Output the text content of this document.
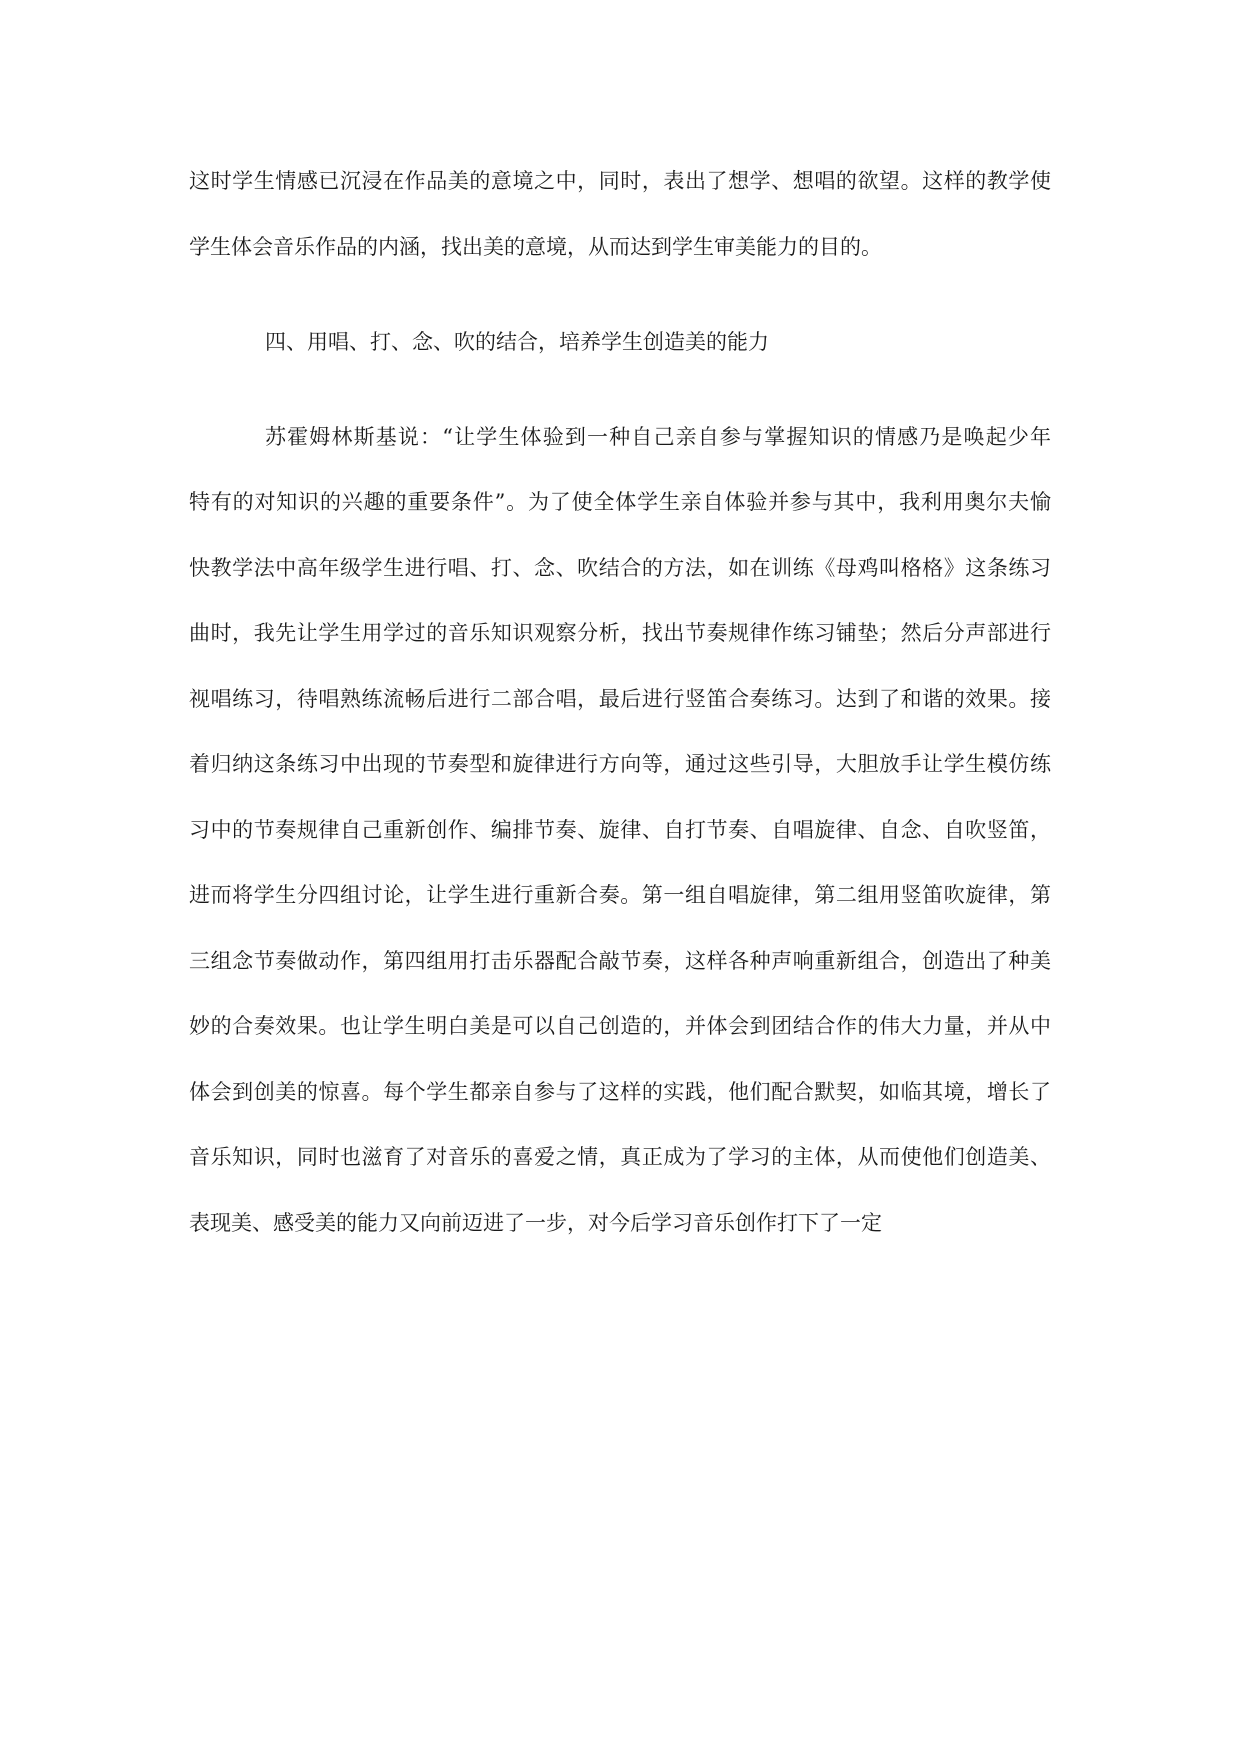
这时学生情感已沉浸在作品美的意境之中，同时，表出了想学、想唱的欲望。这样的教学使
学生体会音乐作品的内涵，找出美的意境，从而达到学生审美能力的目的。
四、用唱、打、念、吹的结合，培养学生创造美的能力
苏霍姆林斯基说：“让学生体验到一种自己亲自参与掌握知识的情感乃是唤起少年
特有的对知识的兴趣的重要条件”。为了使全体学生亲自体验并参与其中，我利用奥尔夫愉
快教学法中高年级学生进行唱、打、念、吹结合的方法，如在训练《母鸡叫格格》这条练习
曲时，我先让学生用学过的音乐知识观察分析，找出节奏规律作练习铺垫；然后分声部进行
视唱练习，待唱熟练流畅后进行二部合唱，最后进行竖笛合奏练习。达到了和谐的效果。接
着归纳这条练习中出现的节奏型和旋律进行方向等，通过这些引导，大胆放手让学生模仿练
习中的节奏规律自己重新创作、编排节奏、旋律、自打节奏、自唱旋律、自念、自吹竖笛，
进而将学生分四组讨论，让学生进行重新合奏。第一组自唱旋律，第二组用竖笛吹旋律，第
三组念节奏做动作，第四组用打击乐器配合敲节奏，这样各种声响重新组合，创造出了种美
妙的合奏效果。也让学生明白美是可以自己创造的，并体会到团结合作的伟大力量，并从中
体会到创美的惊喜。每个学生都亲自参与了这样的实践，他们配合默契，如临其境，增长了
音乐知识，同时也滋育了对音乐的喜爱之情，真正成为了学习的主体，从而使他们创造美、
表现美、感受美的能力又向前迈进了一步，对今后学习音乐创作打下了一定
